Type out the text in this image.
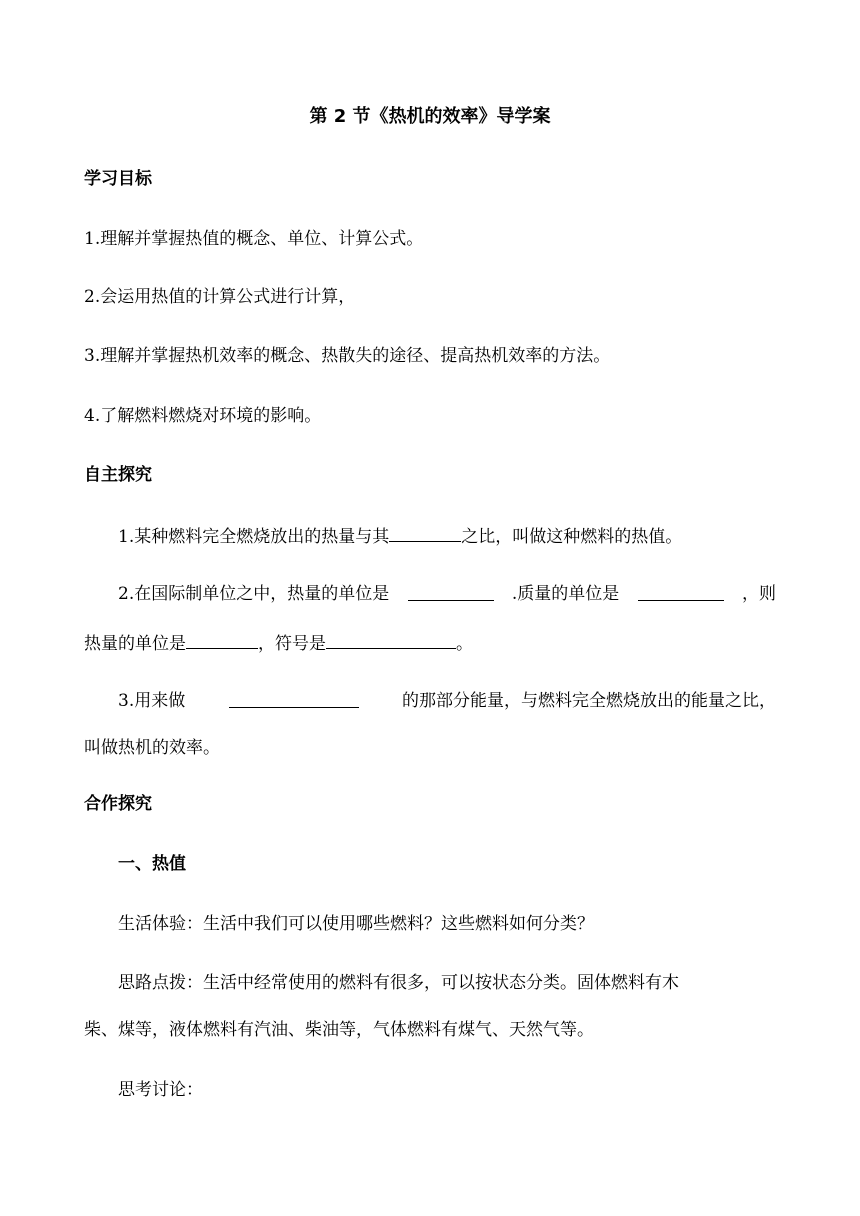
第 2 节《热机的效率》导学案
学习目标
1.理解并掌握热值的概念、单位、计算公式。
2.会运用热值的计算公式进行计算，
3.理解并掌握热机效率的概念、热散失的途径、提高热机效率的方法。
4.了解燃料燃烧对环境的影响。
自主探究
1.某种燃料完全燃烧放出的热量与其	之比，叫做这种燃料的热值。
2.在国际制单位之中，热量的单位是	.质量的单位是	，则
热量的单位是	，符号是	。
3.用来做	的那部分能量，与燃料完全燃烧放出的能量之比，
叫做热机的效率。
合作探究
一、热值
生活体验：生活中我们可以使用哪些燃料？这些燃料如何分类？
思路点拨：生活中经常使用的燃料有很多，可以按状态分类。固体燃料有木
柴、煤等，液体燃料有汽油、柴油等，气体燃料有煤气、天然气等。
思考讨论：
